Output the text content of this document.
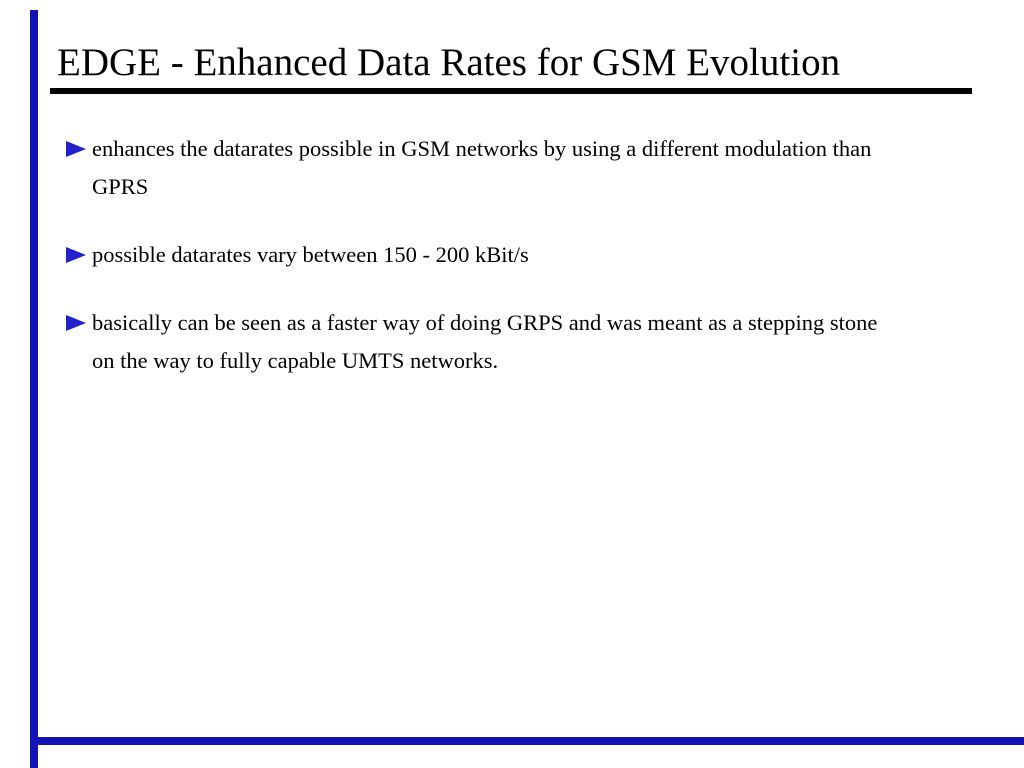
EDGE - Enhanced Data Rates for GSM Evolution
enhances the datarates possible in GSM networks by using a different modulation than
GPRS
possible datarates vary between 150 - 200 kBit/s
basically can be seen as a faster way of doing GRPS and was meant as a stepping stone
on the way to fully capable UMTS networks.
